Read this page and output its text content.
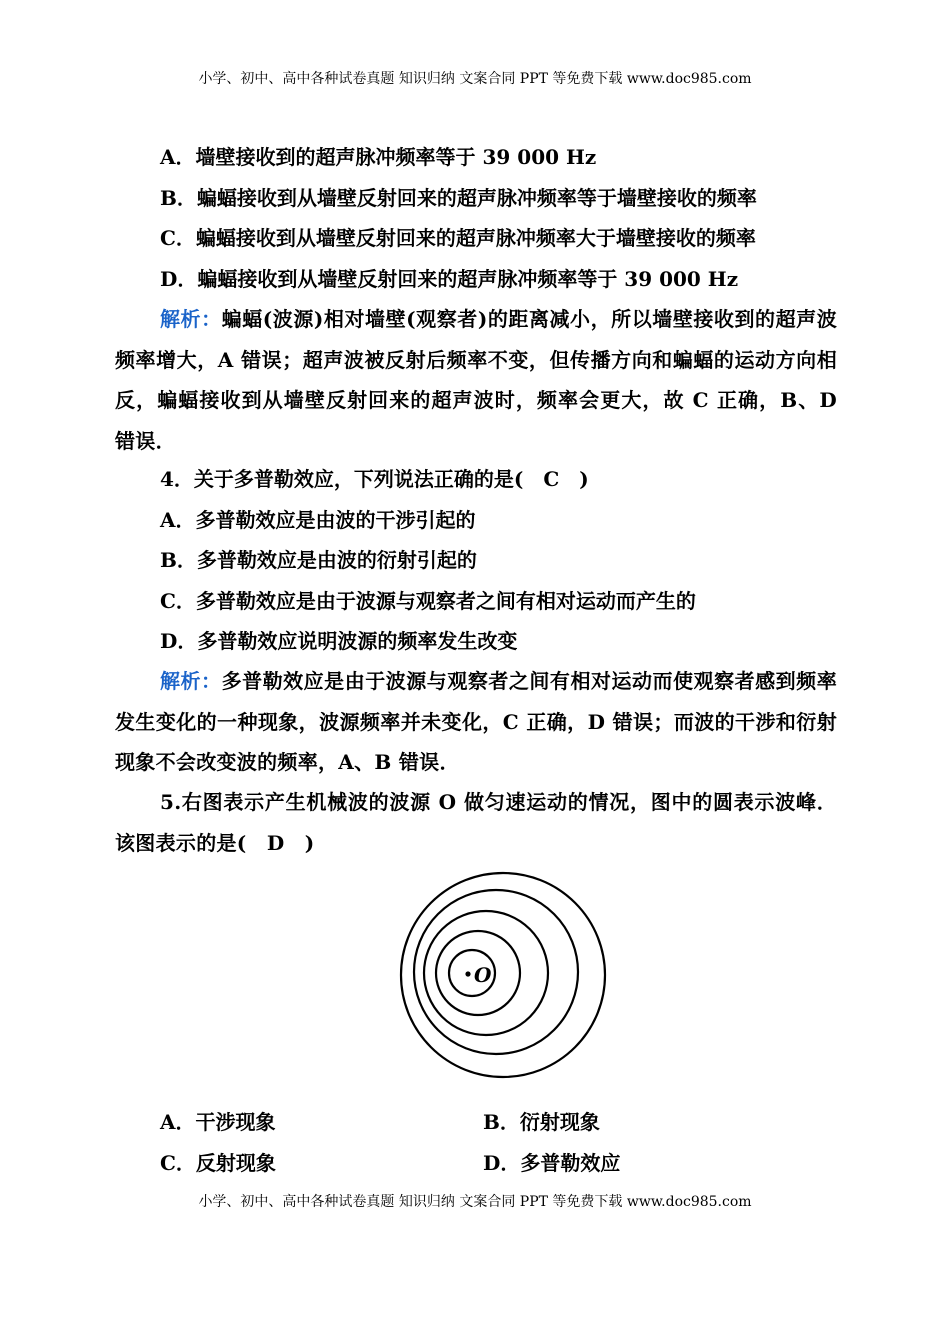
小学、初中、高中各种试卷真题 知识归纳 文案合同 PPT 等免费下载 www.doc985.com
A．墙壁接收到的超声脉冲频率等于 39 000 Hz
B．蝙蝠接收到从墙壁反射回来的超声脉冲频率等于墙壁接收的频率
C．蝙蝠接收到从墙壁反射回来的超声脉冲频率大于墙壁接收的频率
D．蝙蝠接收到从墙壁反射回来的超声脉冲频率等于 39 000 Hz
解析：蝙蝠(波源)相对墙壁(观察者)的距离减小，所以墙壁接收到的超声波频率增大，A 错误；超声波被反射后频率不变，但传播方向和蝙蝠的运动方向相反，蝙蝠接收到从墙壁反射回来的超声波时，频率会更大，故 C 正确，B、D 错误．
4．关于多普勒效应，下列说法正确的是(　C　)
A．多普勒效应是由波的干涉引起的
B．多普勒效应是由波的衍射引起的
C．多普勒效应是由于波源与观察者之间有相对运动而产生的
D．多普勒效应说明波源的频率发生改变
解析：多普勒效应是由于波源与观察者之间有相对运动而使观察者感到频率发生变化的一种现象，波源频率并未变化，C 正确，D 错误；而波的干涉和衍射现象不会改变波的频率，A、B 错误．
5.右图表示产生机械波的波源 O 做匀速运动的情况，图中的圆表示波峰．该图表示的是(　D　)
O
A．干涉现象	B．衍射现象
C．反射现象	D．多普勒效应
小学、初中、高中各种试卷真题 知识归纳 文案合同 PPT 等免费下载 www.doc985.com
